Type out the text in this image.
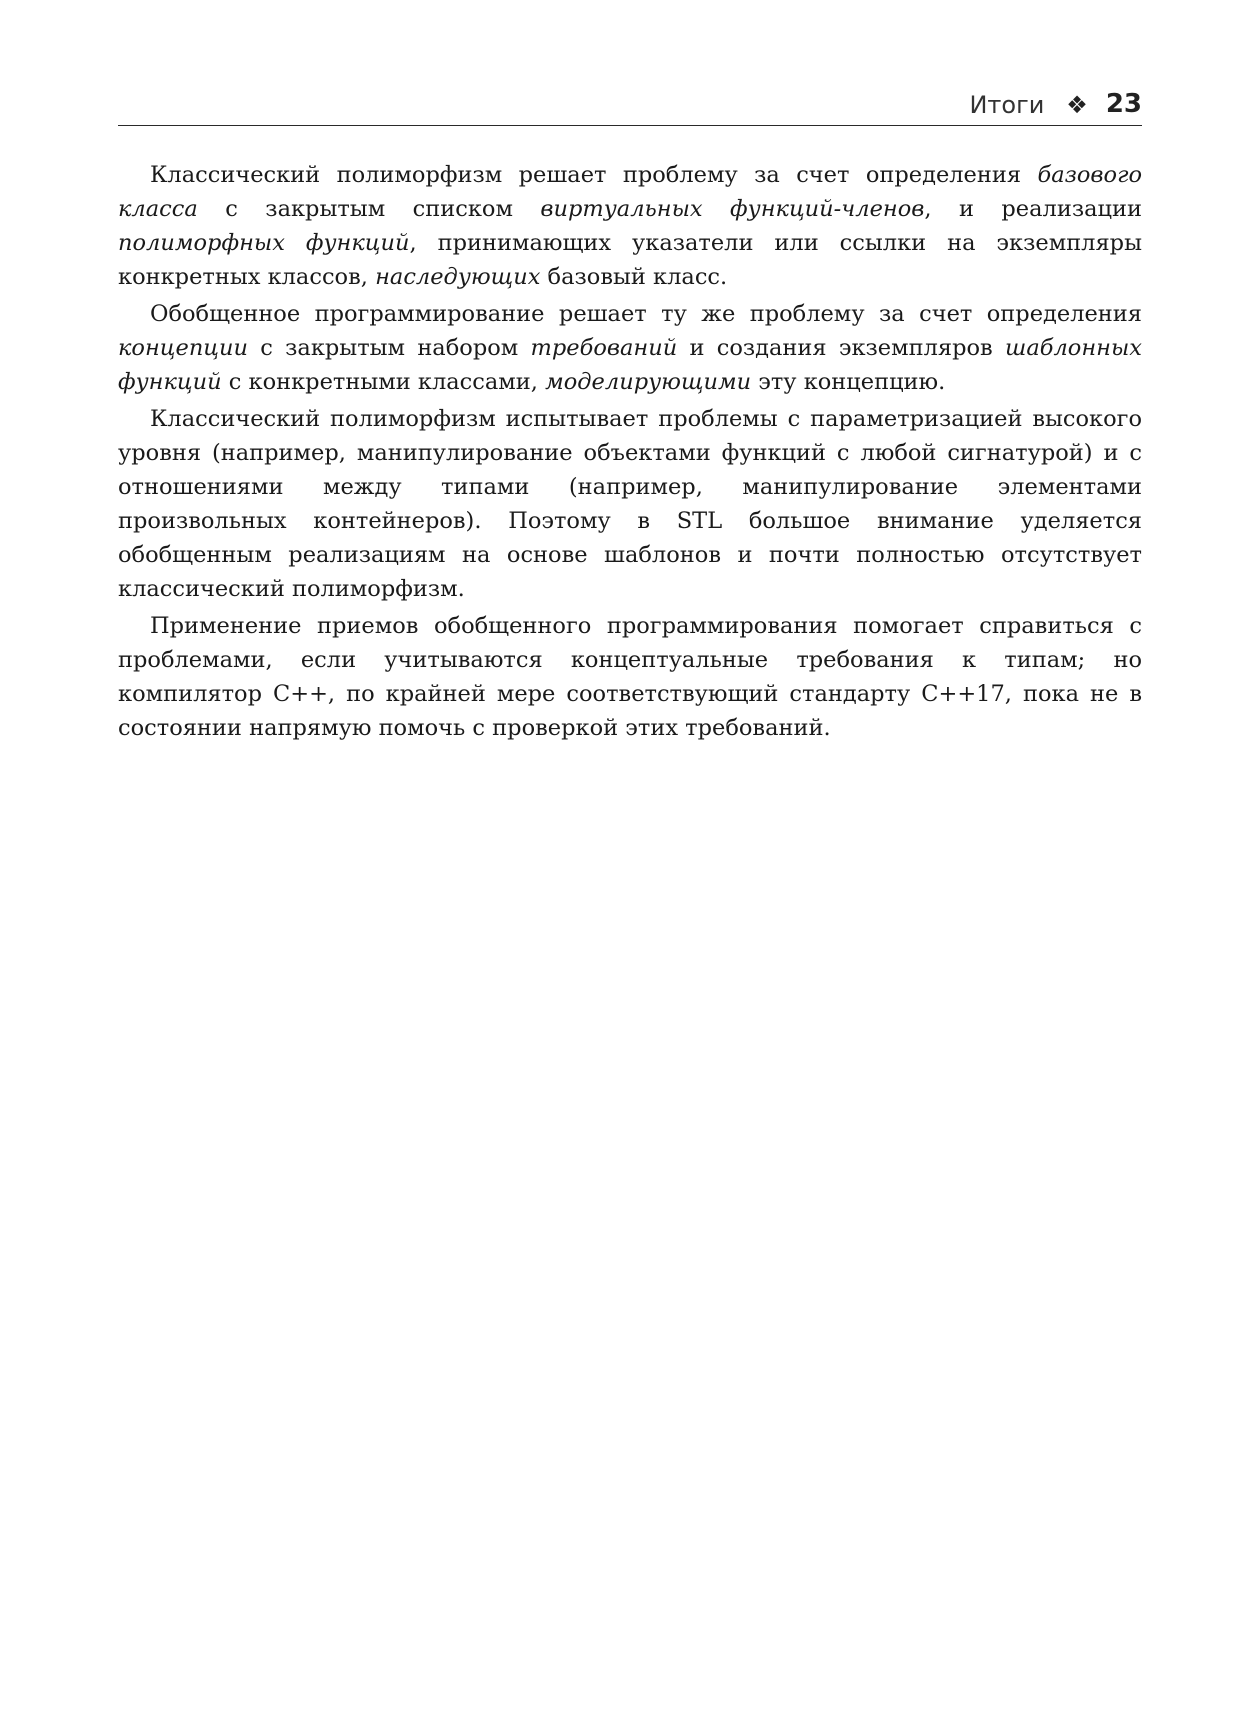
Итоги ❖ 23

Классический полиморфизм решает проблему за счет определения базового класса с закрытым списком виртуальных функций-членов, и реализации полиморфных функций, принимающих указатели или ссылки на экземпляры конкретных классов, наследующих базовый класс.

Обобщенное программирование решает ту же проблему за счет определения концепции с закрытым набором требований и создания экземпляров шаблонных функций с конкретными классами, моделирующими эту концепцию.

Классический полиморфизм испытывает проблемы с параметризацией высокого уровня (например, манипулирование объектами функций с любой сигнатурой) и с отношениями между типами (например, манипулирование элементами произвольных контейнеров). Поэтому в STL большое внимание уделяется обобщенным реализациям на основе шаблонов и почти полностью отсутствует классический полиморфизм.

Применение приемов обобщенного программирования помогает справиться с проблемами, если учитываются концептуальные требования к типам; но компилятор C++, по крайней мере соответствующий стандарту C++17, пока не в состоянии напрямую помочь с проверкой этих требований.
